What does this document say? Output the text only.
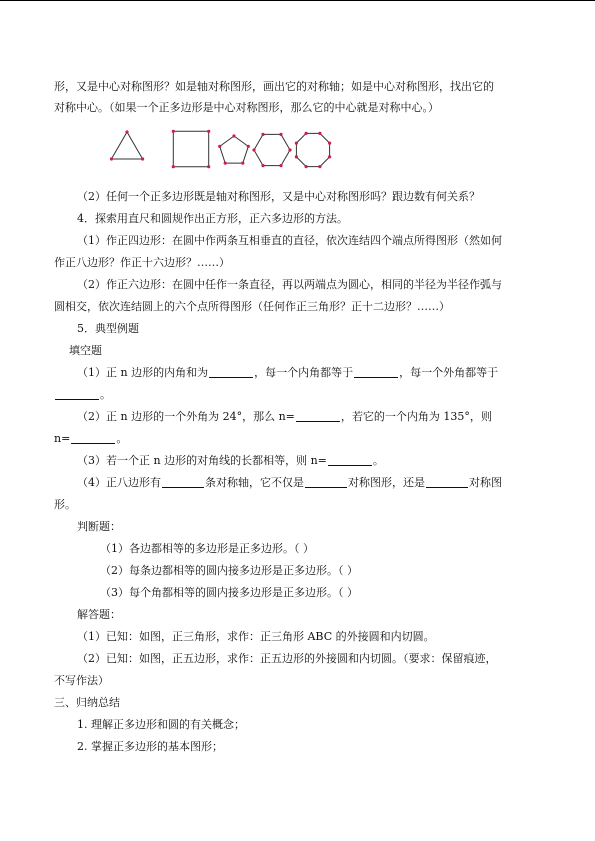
形，又是中心对称图形？如是轴对称图形，画出它的对称轴；如是中心对称图形，找出它的
对称中心。（如果一个正多边形是中心对称图形，那么它的中心就是对称中心。）
（2）任何一个正多边形既是轴对称图形，又是中心对称图形吗？跟边数有何关系？
4．探索用直尺和圆规作出正方形，正六多边形的方法。
（1）作正四边形：在圆中作两条互相垂直的直径，依次连结四个端点所得图形（然如何
作正八边形？作正十六边形？……）
（2）作正六边形：在圆中任作一条直径，再以两端点为圆心，相同的半径为半径作弧与
圆相交，依次连结圆上的六个点所得图形（任何作正三角形？正十二边形？……）
5．典型例题
填空题
（1）正 n 边形的内角和为	，每一个内角都等于	，每一个外角都等于
。
（2）正 n 边形的一个外角为 24°，那么 n=	，若它的一个内角为 135°，则
n=	。
（3）若一个正 n 边形的对角线的长都相等，则 n=	。
（4）正八边形有	条对称轴，它不仅是	对称图形，还是	对称图
形。
判断题：
（1）各边都相等的多边形是正多边形。（ ）
（2）每条边都相等的圆内接多边形是正多边形。（ ）
（3）每个角都相等的圆内接多边形是正多边形。（ ）
解答题：
（1）已知：如图，正三角形，求作：正三角形 ABC 的外接圆和内切圆。
（2）已知：如图，正五边形，求作：正五边形的外接圆和内切圆。（要求：保留痕迹，
不写作法）
三、归纳总结
1. 理解正多边形和圆的有关概念；
2. 掌握正多边形的基本图形；
